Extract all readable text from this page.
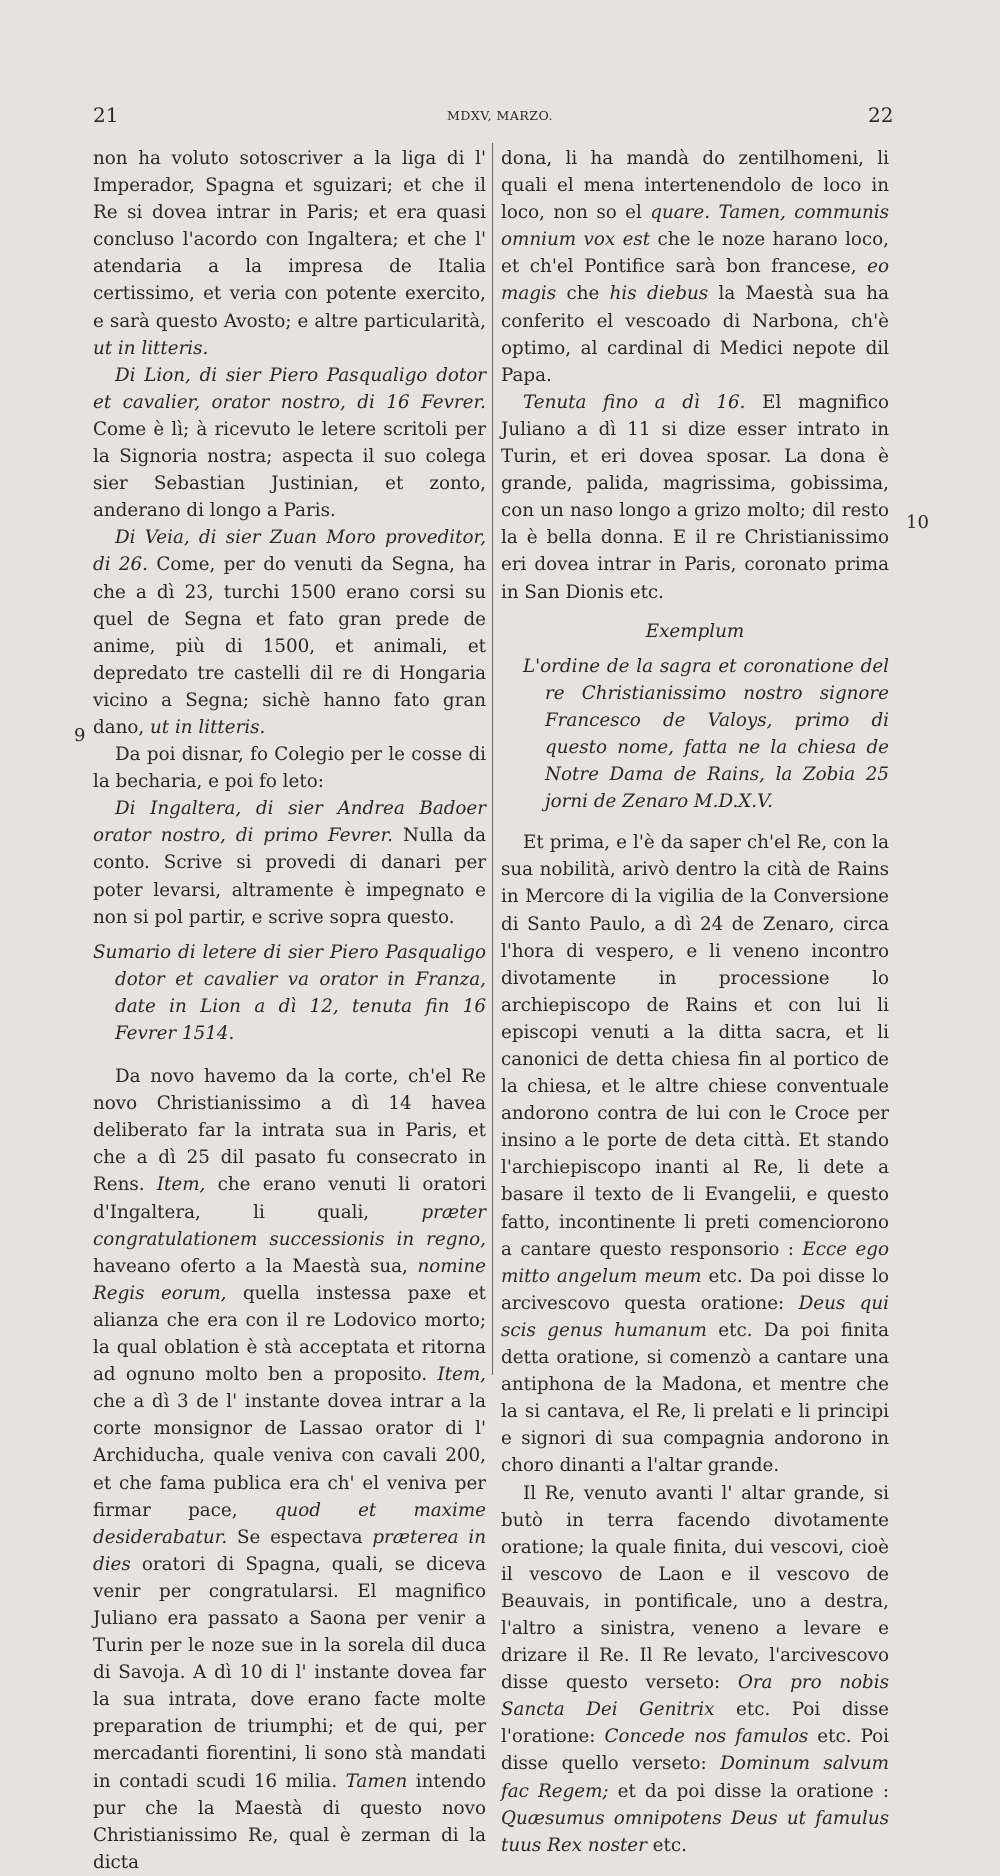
21	MDXV, MARZO.	22
9
10

non ha voluto sotoscriver a la liga di l' Imperador, Spagna et sguizari; et che il Re si dovea intrar in Paris; et era quasi concluso l'acordo con Ingaltera; et che l' atendaria a la impresa de Italia certissimo, et veria con potente exercito, e sarà questo Avosto; e altre particularità, ut in litteris.

Di Lion, di sier Piero Pasqualigo dotor et cavalier, orator nostro, di 16 Fevrer. Come è lì; à ricevuto le letere scritoli per la Signoria nostra; aspecta il suo colega sier Sebastian Justinian, et zonto, anderano di longo a Paris.

Di Veia, di sier Zuan Moro proveditor, di 26. Come, per do venuti da Segna, ha che a dì 23, turchi 1500 erano corsi su quel de Segna et fato gran prede de anime, più di 1500, et animali, et depredato tre castelli dil re di Hongaria vicino a Segna; sichè hanno fato gran dano, ut in litteris.

Da poi disnar, fo Colegio per le cosse di la becharia, e poi fo leto:

Di Ingaltera, di sier Andrea Badoer orator nostro, di primo Fevrer. Nulla da conto. Scrive si provedi di danari per poter levarsi, altramente è impegnato e non si pol partir, e scrive sopra questo.

Sumario di letere di sier Piero Pasqualigo dotor et cavalier va orator in Franza, date in Lion a dì 12, tenuta fin 16 Fevrer 1514.

Da novo havemo da la corte, ch'el Re novo Christianissimo a dì 14 havea deliberato far la intrata sua in Paris, et che a dì 25 dil pasato fu consecrato in Rens. Item, che erano venuti li oratori d'Ingaltera, li quali, præter congratulationem successionis in regno, haveano oferto a la Maestà sua, nomine Regis eorum, quella instessa paxe et alianza che era con il re Lodovico morto; la qual oblation è stà acceptata et ritorna ad ognuno molto ben a proposito. Item, che a dì 3 de l' instante dovea intrar a la corte monsignor de Lassao orator di l' Archiducha, quale veniva con cavali 200, et che fama publica era ch' el veniva per firmar pace, quod et maxime desiderabatur. Se espectava præterea in dies oratori di Spagna, quali, se diceva venir per congratularsi. El magnifico Juliano era passato a Saona per venir a Turin per le noze sue in la sorela dil duca di Savoja. A dì 10 di l' instante dovea far la sua intrata, dove erano facte molte preparation de triumphi; et de qui, per mercadanti fiorentini, li sono stà mandati in contadi scudi 16 milia. Tamen intendo pur che la Maestà di questo novo Christianissimo Re, qual è zerman di la dicta

dona, li ha mandà do zentilhomeni, li quali el mena intertenendolo de loco in loco, non so el quare. Tamen, communis omnium vox est che le noze harano loco, et ch'el Pontifice sarà bon francese, eo magis che his diebus la Maestà sua ha conferito el vescoado di Narbona, ch'è optimo, al cardinal di Medici nepote dil Papa.

Tenuta fino a dì 16. El magnifico Juliano a dì 11 si dize esser intrato in Turin, et eri dovea sposar. La dona è grande, palida, magrissima, gobissima, con un naso longo a grizo molto; dil resto la è bella donna. E il re Christianissimo eri dovea intrar in Paris, coronato prima in San Dionis etc.

Exemplum

L'ordine de la sagra et coronatione del re Christianissimo nostro signore Francesco de Valoys, primo di questo nome, fatta ne la chiesa de Notre Dama de Rains, la Zobia 25 jorni de Zenaro M.D.X.V.

Et prima, e l'è da saper ch'el Re, con la sua nobilità, arivò dentro la cità de Rains in Mercore di la vigilia de la Conversione di Santo Paulo, a dì 24 de Zenaro, circa l'hora di vespero, e li veneno incontro divotamente in processione lo archiepiscopo de Rains et con lui li episcopi venuti a la ditta sacra, et li canonici de detta chiesa fin al portico de la chiesa, et le altre chiese conventuale andorono contra de lui con le Croce per insino a le porte de deta città. Et stando l'archiepiscopo inanti al Re, li dete a basare il texto de li Evangelii, e questo fatto, incontinente li preti comenciorono a cantare questo responsorio : Ecce ego mitto angelum meum etc. Da poi disse lo arcivescovo questa oratione: Deus qui scis genus humanum etc. Da poi finita detta oratione, si comenzò a cantare una antiphona de la Madona, et mentre che la si cantava, el Re, li prelati e li principi e signori di sua compagnia andorono in choro dinanti a l'altar grande.

Il Re, venuto avanti l' altar grande, si butò in terra facendo divotamente oratione; la quale finita, dui vescovi, cioè il vescovo de Laon e il vescovo de Beauvais, in pontificale, uno a destra, l'altro a sinistra, veneno a levare e drizare il Re. Il Re levato, l'arcivescovo disse questo verseto: Ora pro nobis Sancta Dei Genitrix etc. Poi disse l'oratione: Concede nos famulos etc. Poi disse quello verseto: Dominum salvum fac Regem; et da poi disse la oratione : Quæsumus omnipotens Deus ut famulus tuus Rex noster etc.
